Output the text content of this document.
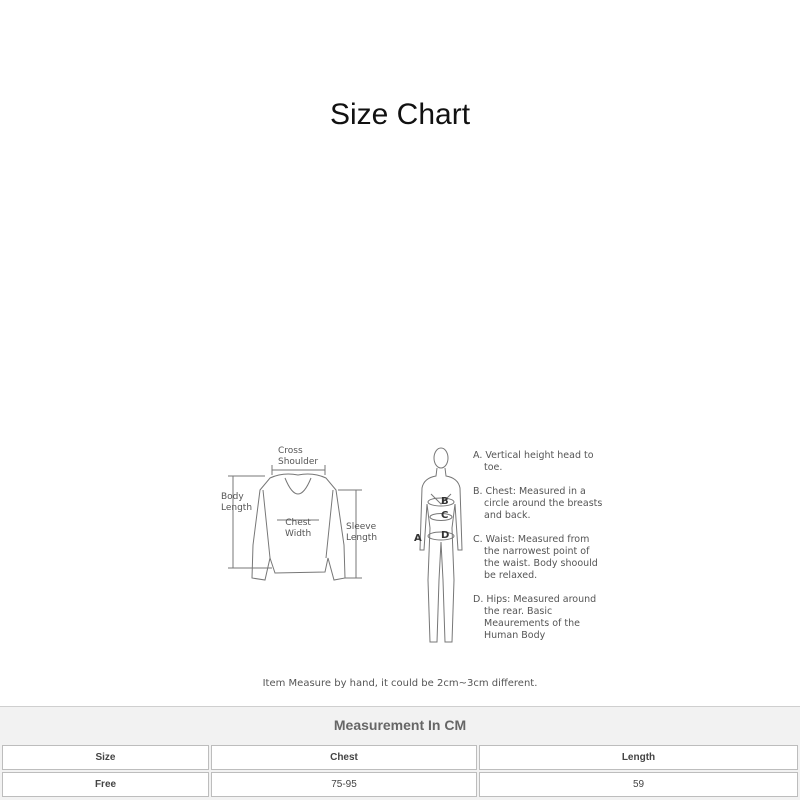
Size Chart
Cross
Shoulder
Body
Length
Chest
Width
Sleeve
Length	A
B
C
D

A. Vertical height head to toe.

B. Chest: Measured in a circle around the breasts and back.

C. Waist: Measured from the narrowest point of the waist. Body shoould be relaxed.

D. Hips: Measured around the rear. Basic Meaurements of the Human Body

Item Measure by hand, it could be 2cm~3cm different.
Measurement In CM
Size	Chest	Length
Free	75-95	59
